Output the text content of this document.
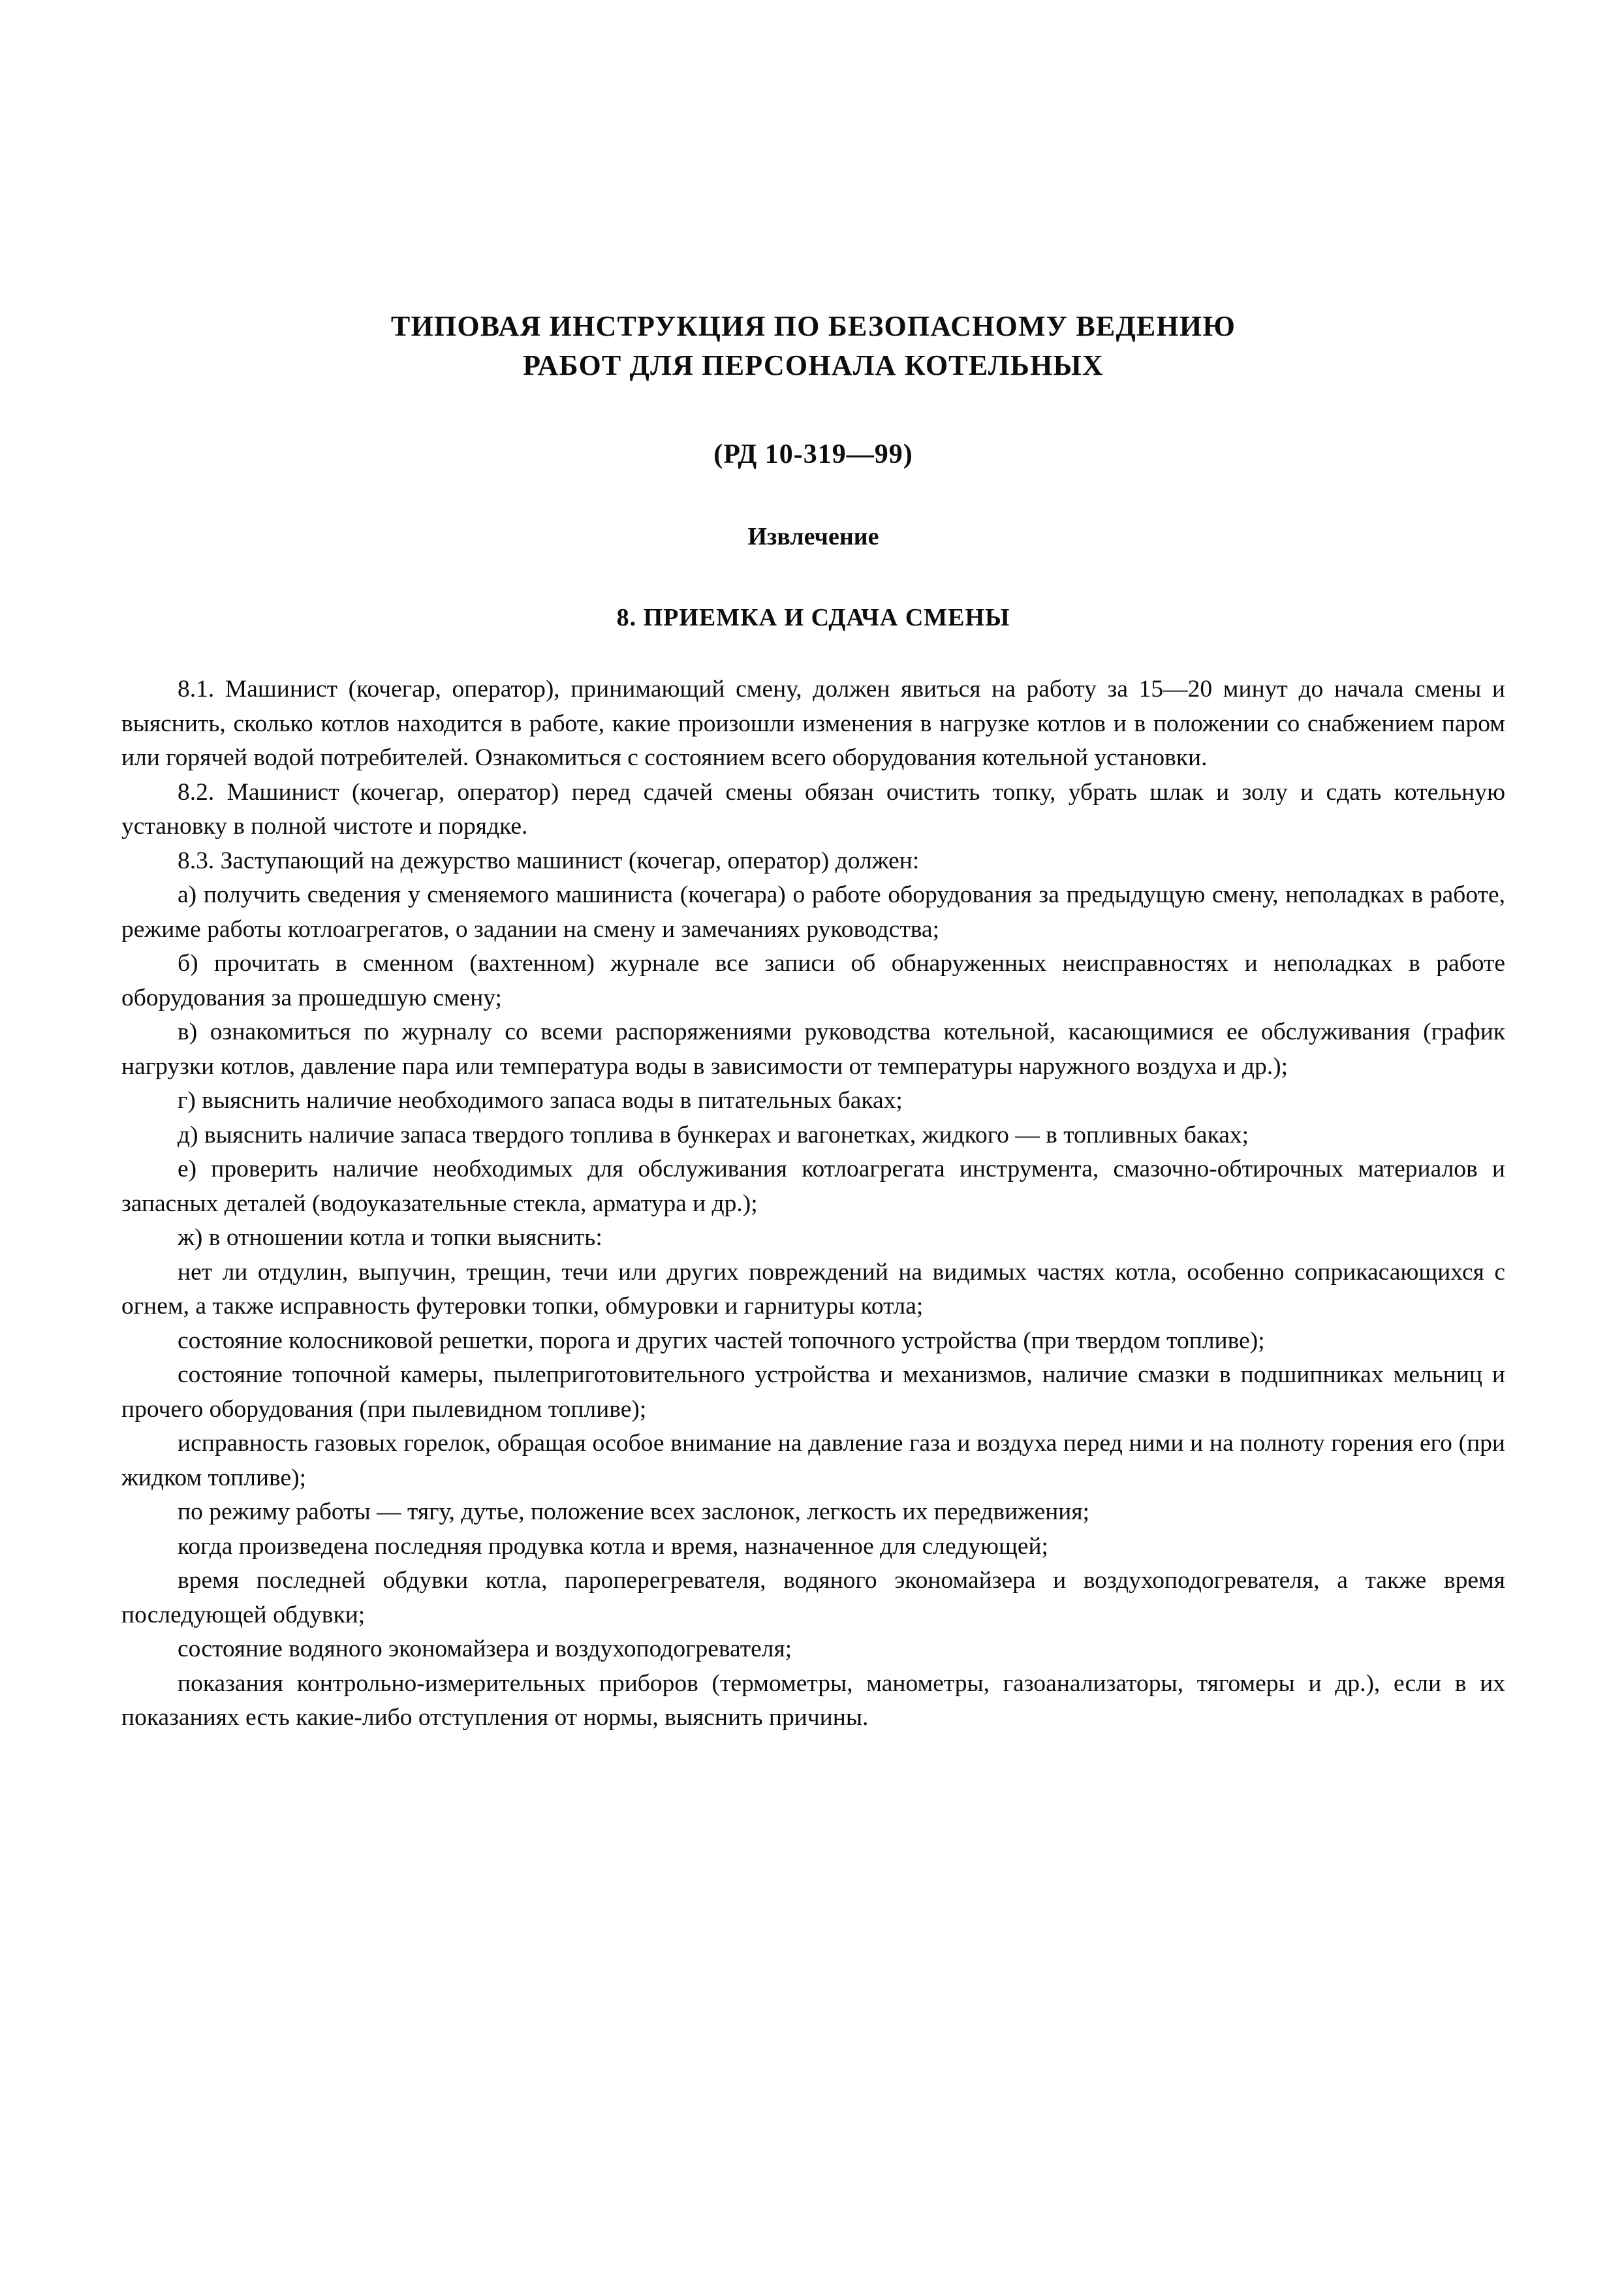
ТИПОВАЯ ИНСТРУКЦИЯ ПО БЕЗОПАСНОМУ ВЕДЕНИЮ
РАБОТ ДЛЯ ПЕРСОНАЛА КОТЕЛЬНЫХ
(РД 10-319—99)
Извлечение
8. ПРИЕМКА И СДАЧА СМЕНЫ

8.1. Машинист (кочегар, оператор), принимающий смену, должен явиться на работу за 15—20 минут до начала смены и выяснить, сколько котлов находится в работе, какие произошли изменения в нагрузке котлов и в положении со снабжением паром или горячей водой потребителей. Ознакомиться с состоянием всего оборудования котельной установки.

8.2. Машинист (кочегар, оператор) перед сдачей смены обязан очистить топку, убрать шлак и золу и сдать котельную установку в полной чистоте и порядке.

8.3. Заступающий на дежурство машинист (кочегар, оператор) должен:

а) получить сведения у сменяемого машиниста (кочегара) о работе оборудования за предыдущую смену, неполадках в работе, режиме работы котлоагрегатов, о задании на смену и замечаниях руководства;

б) прочитать в сменном (вахтенном) журнале все записи об обнаруженных неисправностях и неполадках в работе оборудования за прошедшую смену;

в) ознакомиться по журналу со всеми распоряжениями руководства котельной, касающимися ее обслуживания (график нагрузки котлов, давление пара или температура воды в зависимости от температуры наружного воздуха и др.);

г) выяснить наличие необходимого запаса воды в питательных баках;

д) выяснить наличие запаса твердого топлива в бункерах и вагонетках, жидкого — в топливных баках;

е) проверить наличие необходимых для обслуживания котлоагрегата инструмента, смазочно-обтирочных материалов и запасных деталей (водоуказательные стекла, арматура и др.);

ж) в отношении котла и топки выяснить:

нет ли отдулин, выпучин, трещин, течи или других повреждений на видимых частях котла, особенно соприкасающихся с огнем, а также исправность футеровки топки, обмуровки и гарнитуры котла;

состояние колосниковой решетки, порога и других частей топочного устройства (при твердом топливе);

состояние топочной камеры, пылеприготовительного устройства и механизмов, наличие смазки в подшипниках мельниц и прочего оборудования (при пылевидном топливе);

исправность газовых горелок, обращая особое внимание на давление газа и воздуха перед ними и на полноту горения его (при жидком топливе);

по режиму работы — тягу, дутье, положение всех заслонок, легкость их передвижения;

когда произведена последняя продувка котла и время, назначенное для следующей;

время последней обдувки котла, пароперегревателя, водяного экономайзера и воздухоподогревателя, а также время последующей обдувки;

состояние водяного экономайзера и воздухоподогревателя;

показания контрольно-измерительных приборов (термометры, манометры, газоанализаторы, тягомеры и др.), если в их показаниях есть какие-либо отступления от нормы, выяснить причины.
